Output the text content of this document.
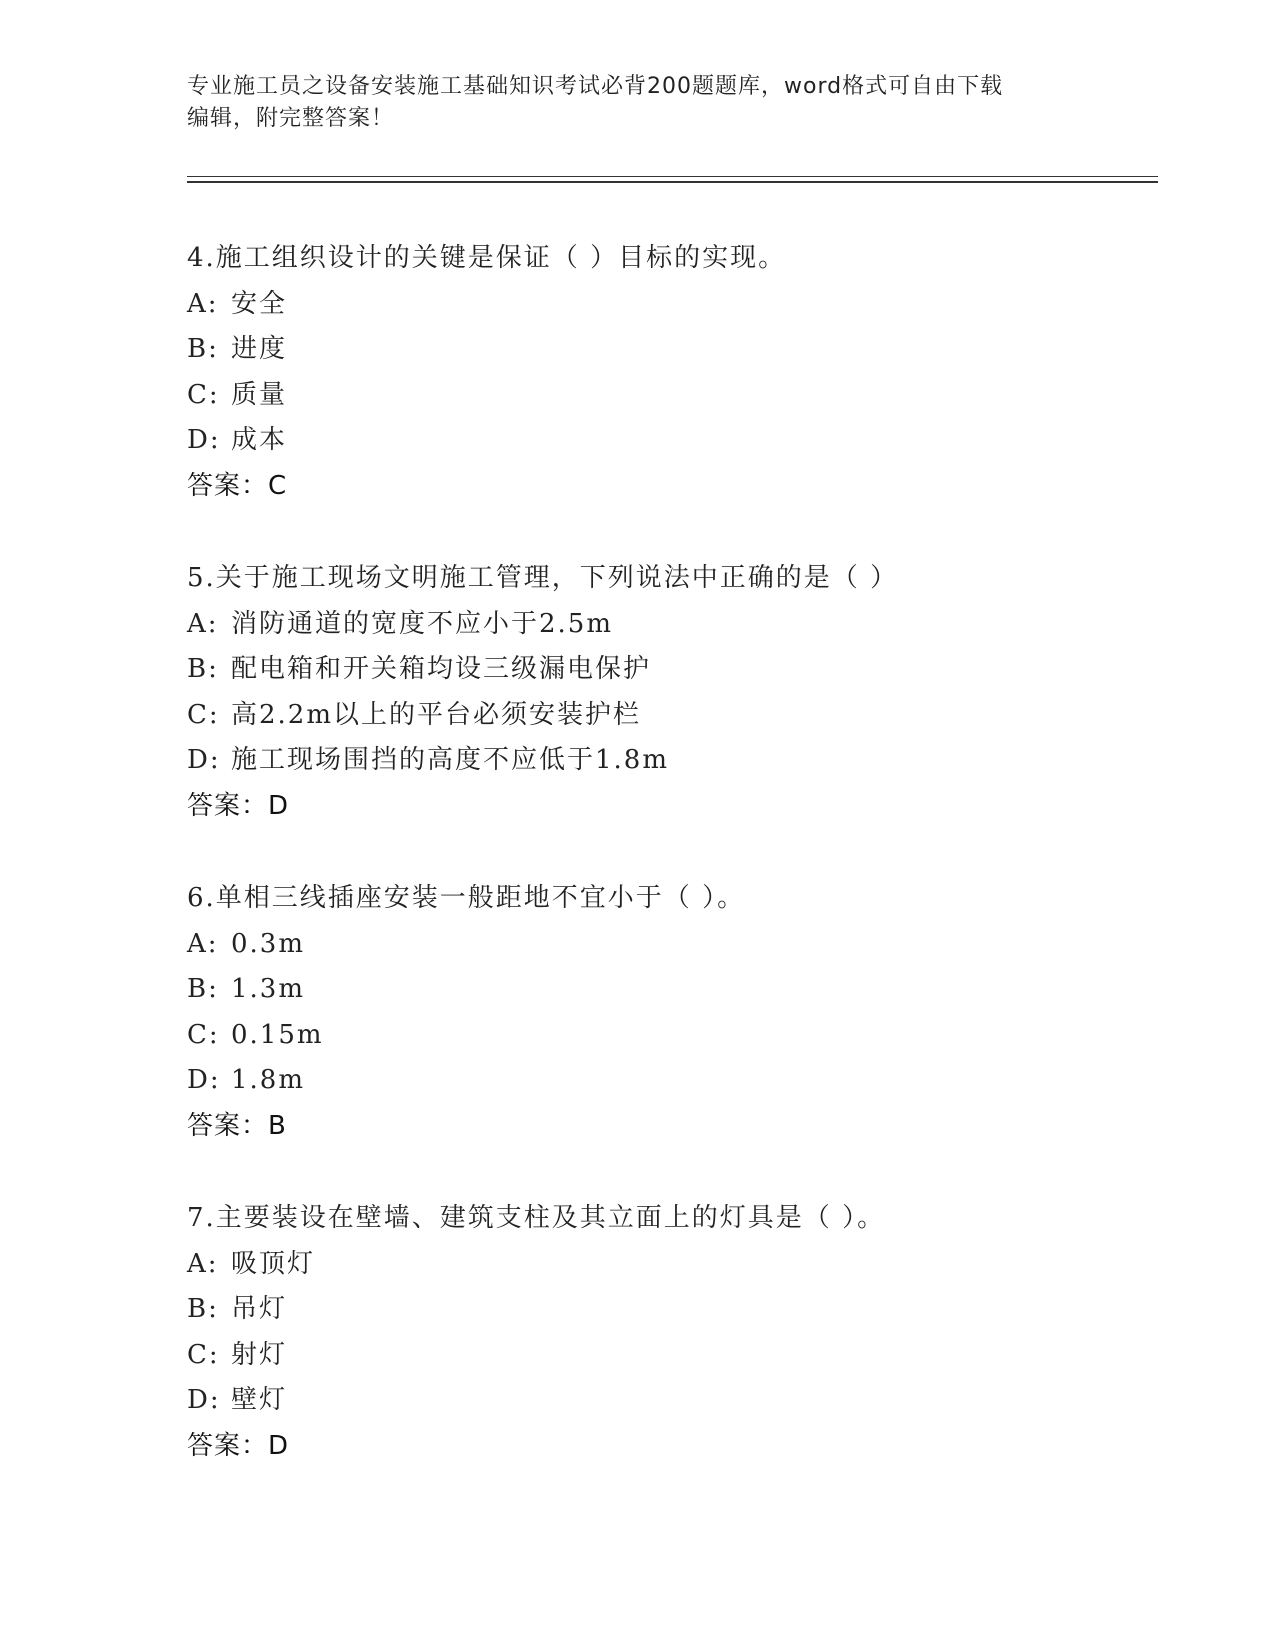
专业施工员之设备安装施工基础知识考试必背200题题库，word格式可自由下载
编辑，附完整答案！
4.施工组织设计的关键是保证（ ）目标的实现。
A: 安全
B: 进度
C: 质量
D: 成本
答案：C
5.关于施工现场文明施工管理，下列说法中正确的是（ ）
A: 消防通道的宽度不应小于2.5m
B: 配电箱和开关箱均设三级漏电保护
C: 高2.2m以上的平台必须安装护栏
D: 施工现场围挡的高度不应低于1.8m
答案：D
6.单相三线插座安装一般距地不宜小于（ ）。
A: 0.3m
B: 1.3m
C: 0.15m
D: 1.8m
答案：B
7.主要装设在壁墙、建筑支柱及其立面上的灯具是（ ）。
A: 吸顶灯
B: 吊灯
C: 射灯
D: 壁灯
答案：D
